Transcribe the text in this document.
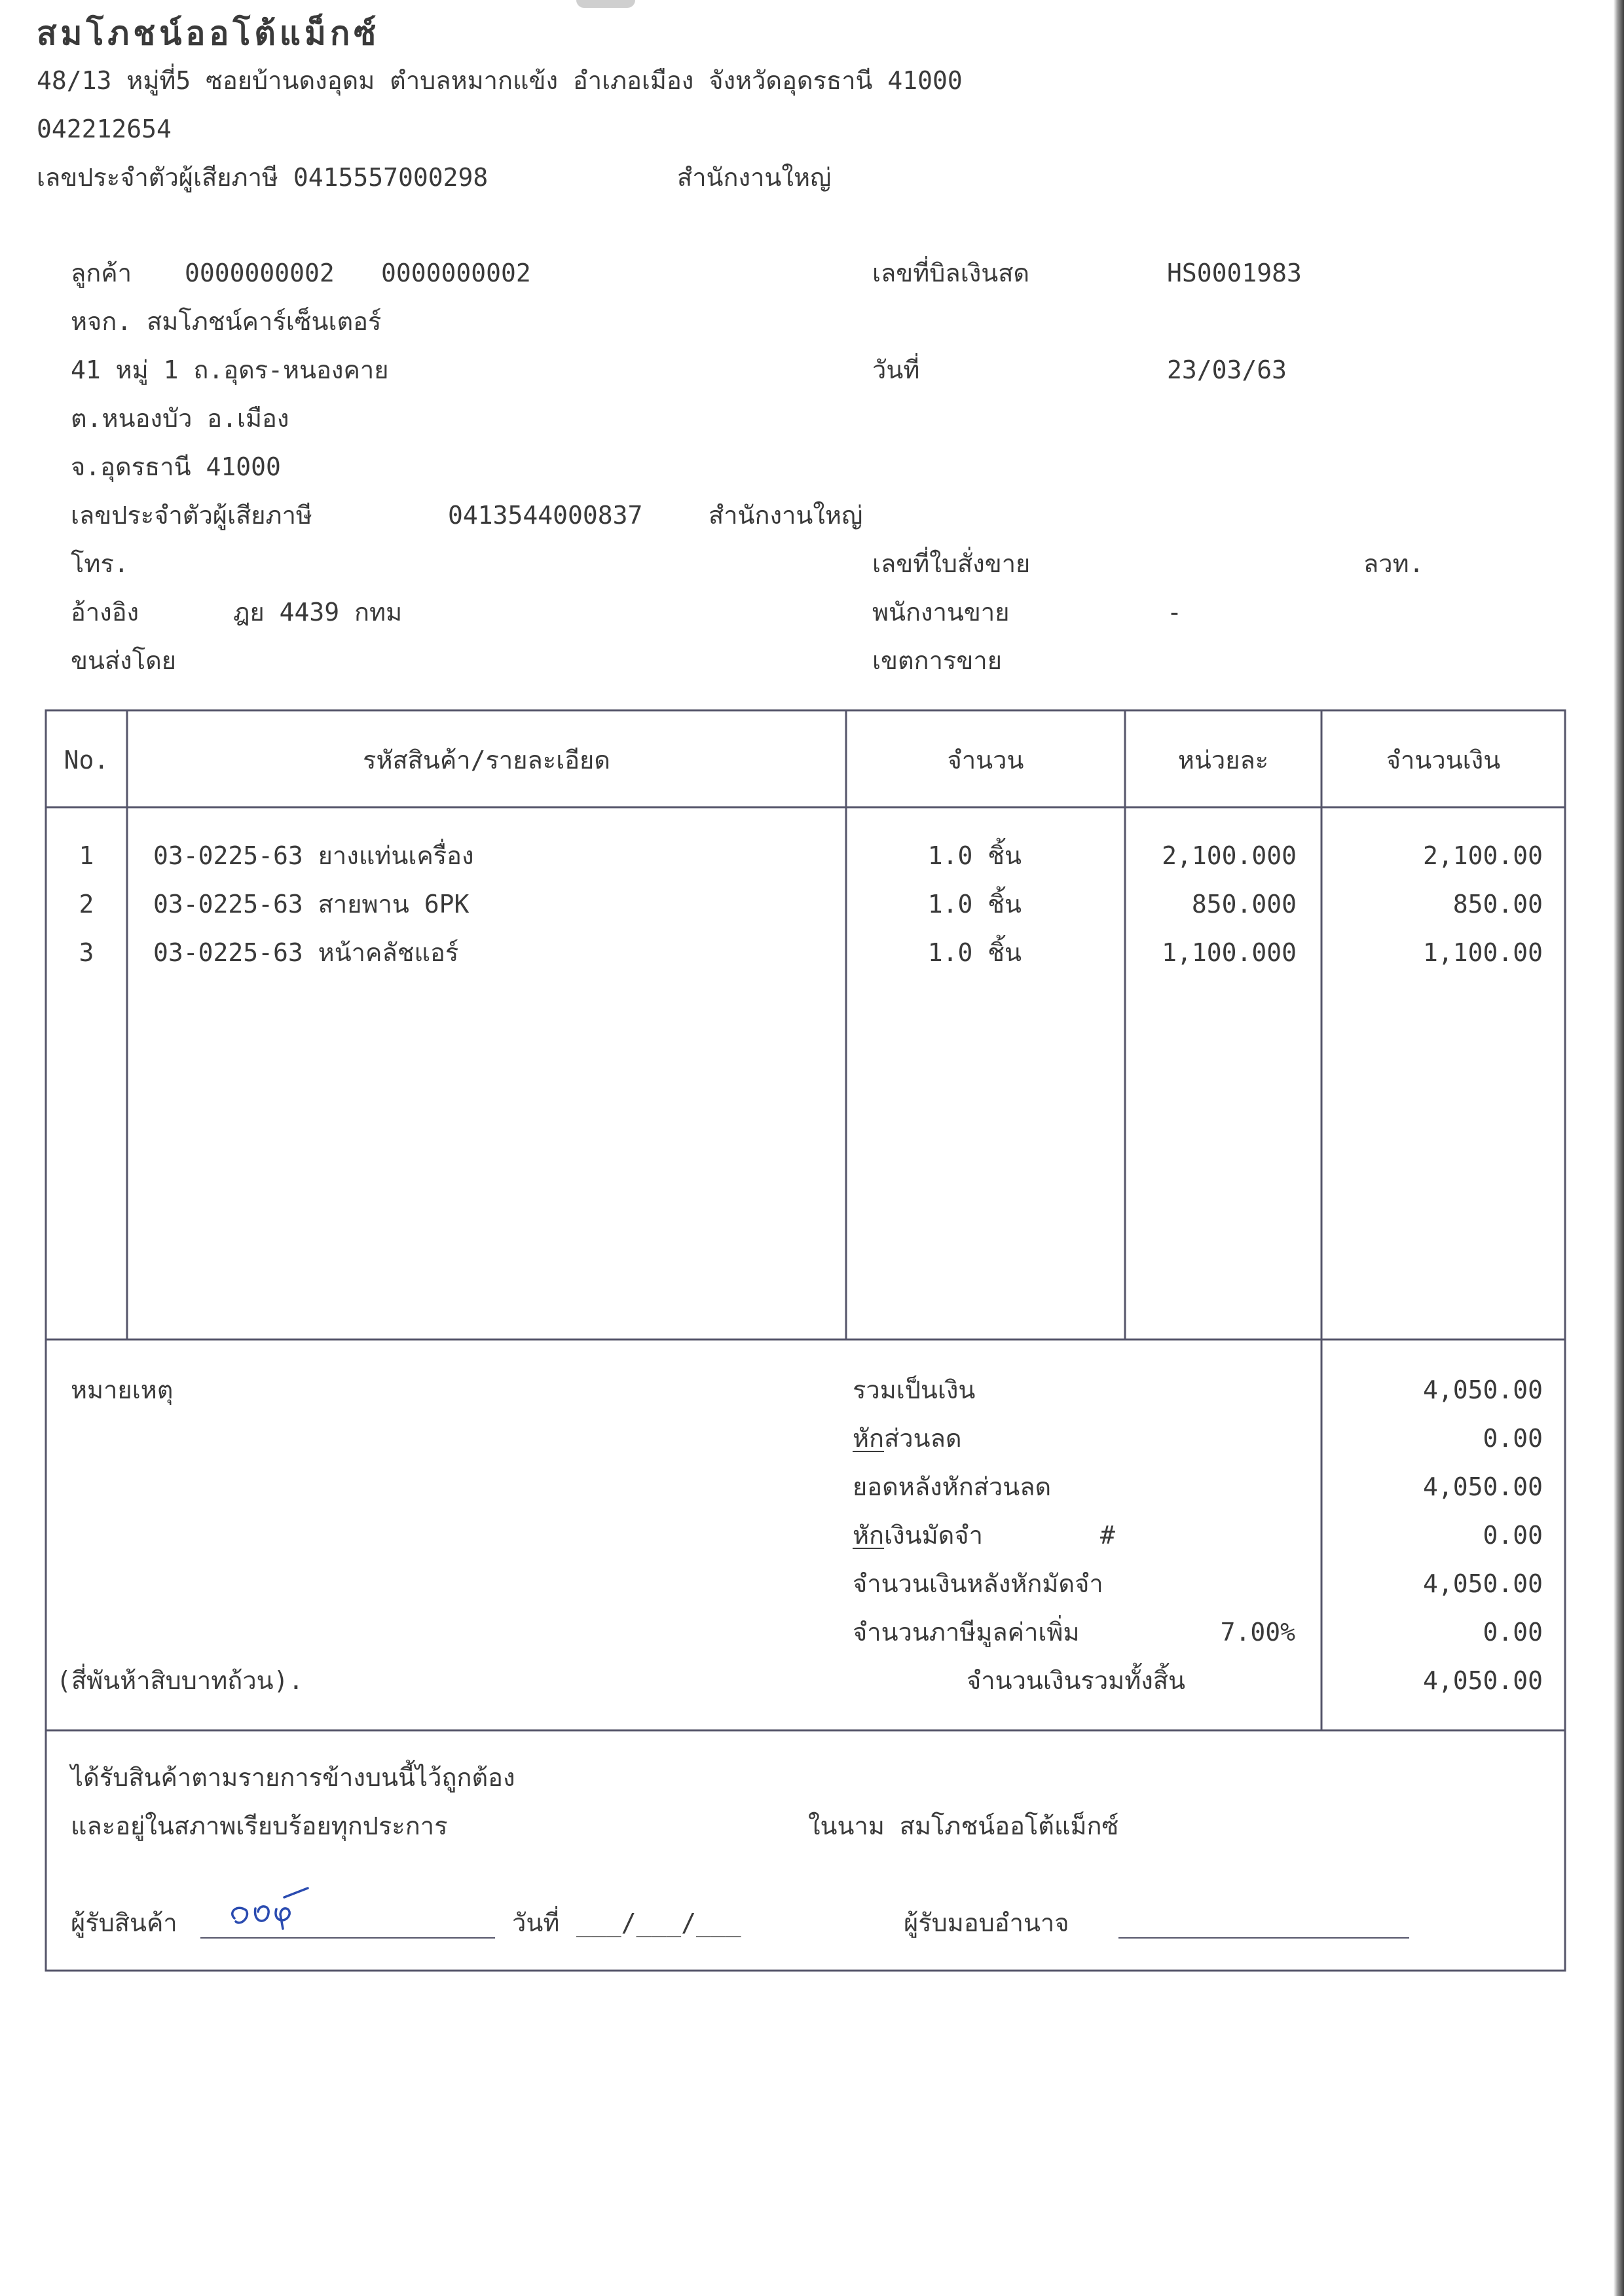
สมโภชน์ออโต้แม็กซ์
48/13 หมู่ที่5 ซอยบ้านดงอุดม ตำบลหมากแข้ง อำเภอเมือง จังหวัดอุดรธานี 41000
042212654
เลขประจำตัวผู้เสียภาษี 0415557000298	สำนักงานใหญ่
ลูกค้า 0000000002 0000000002
หจก. สมโภชน์คาร์เซ็นเตอร์
41 หมู่ 1 ถ.อุดร-หนองคาย
ต.หนองบัว อ.เมือง
จ.อุดรธานี 41000
เลขประจำตัวผู้เสียภาษี	0413544000837	สำนักงานใหญ่
โทร.
อ้างอิง	ฎย 4439 กทม
ขนส่งโดย
เลขที่บิลเงินสด	HS0001983
วันที่	23/03/63
เลขที่ใบสั่งขาย	ลวท.
พนักงานขาย	-
เขตการขาย
No.	รหัสสินค้า/รายละเอียด	จำนวน	หน่วยละ	จำนวนเงิน
1	03-0225-63 ยางแท่นเครื่อง	1.0 ชิ้น	2,100.000	2,100.00
2	03-0225-63 สายพาน 6PK	1.0 ชิ้น	850.000	850.00
3	03-0225-63 หน้าคลัชแอร์	1.0 ชิ้น	1,100.000	1,100.00
หมายเหตุ	รวมเป็นเงิน	4,050.00
หักส่วนลด	0.00
ยอดหลังหักส่วนลด	4,050.00
หักเงินมัดจำ	#	0.00
จำนวนเงินหลังหักมัดจำ	4,050.00
จำนวนภาษีมูลค่าเพิ่ม	7.00%	0.00
(สี่พันห้าสิบบาทถ้วน).	จำนวนเงินรวมทั้งสิ้น	4,050.00
ได้รับสินค้าตามรายการข้างบนนี้ไว้ถูกต้อง
และอยู่ในสภาพเรียบร้อยทุกประการ	ในนาม สมโภชน์ออโต้แม็กซ์
ผู้รับสินค้า	วันที่ ___/___/___	ผู้รับมอบอำนาจ
